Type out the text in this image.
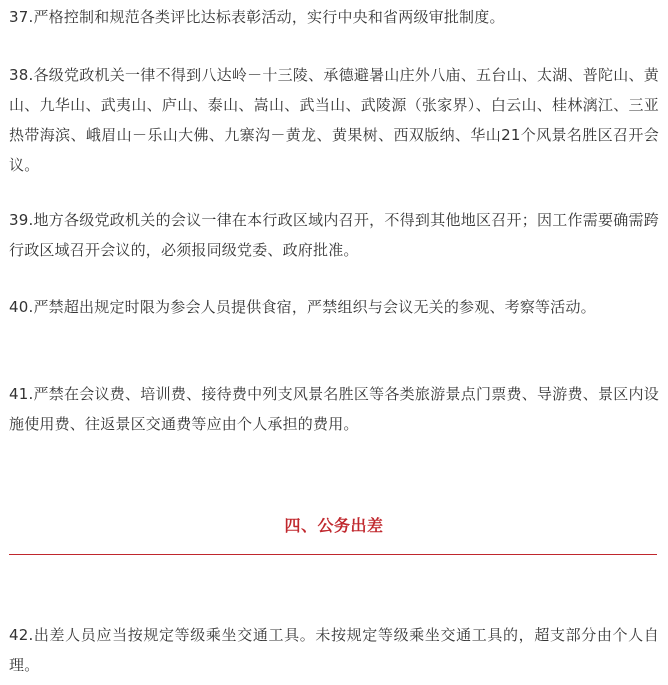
37.严格控制和规范各类评比达标表彰活动，实行中央和省两级审批制度。

38.各级党政机关一律不得到八达岭－十三陵、承德避暑山庄外八庙、五台山、太湖、普陀山、黄山、九华山、武夷山、庐山、泰山、嵩山、武当山、武陵源（张家界）、白云山、桂林漓江、三亚热带海滨、峨眉山－乐山大佛、九寨沟－黄龙、黄果树、西双版纳、华山21个风景名胜区召开会议。

39.地方各级党政机关的会议一律在本行政区域内召开，不得到其他地区召开；因工作需要确需跨行政区域召开会议的，必须报同级党委、政府批准。

40.严禁超出规定时限为参会人员提供食宿，严禁组织与会议无关的参观、考察等活动。

41.严禁在会议费、培训费、接待费中列支风景名胜区等各类旅游景点门票费、导游费、景区内设施使用费、往返景区交通费等应由个人承担的费用。

四、公务出差

42.出差人员应当按规定等级乘坐交通工具。未按规定等级乘坐交通工具的，超支部分由个人自理。
